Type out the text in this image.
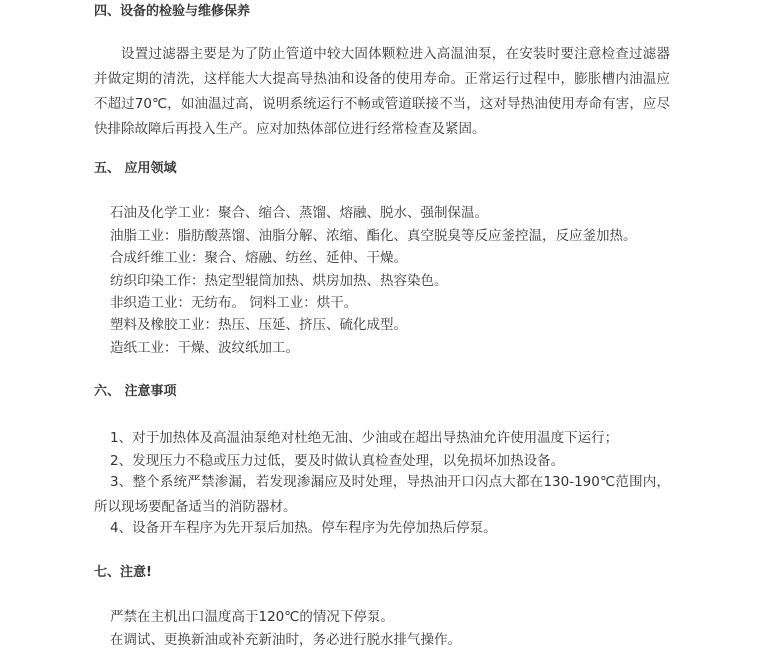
四、设备的检验与维修保养

设置过滤器主要是为了防止管道中较大固体颗粒进入高温油泵，在安装时要注意检查过滤器并做定期的清洗，这样能大大提高导热油和设备的使用寿命。正常运行过程中，膨胀槽内油温应不超过70℃，如油温过高，说明系统运行不畅或管道联接不当，这对导热油使用寿命有害，应尽快排除故障后再投入生产。应对加热体部位进行经常检查及紧固。

五、 应用领域
石油及化学工业：聚合、缩合、蒸馏、熔融、脱水、强制保温。
油脂工业：脂肪酸蒸馏、油脂分解、浓缩、酯化、真空脱臭等反应釜控温，反应釜加热。
合成纤维工业：聚合、熔融、纺丝、延伸、干燥。
纺织印染工作：热定型辊筒加热、烘房加热、热容染色。
非织造工业：无纺布。 饲料工业：烘干。
塑料及橡胶工业：热压、压延、挤压、硫化成型。
造纸工业：干燥、波纹纸加工。
六、 注意事项
1、对于加热体及高温油泵绝对杜绝无油、少油或在超出导热油允许使用温度下运行；
2、发现压力不稳或压力过低，要及时做认真检查处理，以免损坏加热设备。

3、整个系统严禁渗漏，若发现渗漏应及时处理，导热油开口闪点大都在130-190℃范围内，所以现场要配备适当的消防器材。

4、设备开车程序为先开泵后加热。停车程序为先停加热后停泵。
七、注意!
严禁在主机出口温度高于120℃的情况下停泵。
在调试、更换新油或补充新油时，务必进行脱水排气操作。
